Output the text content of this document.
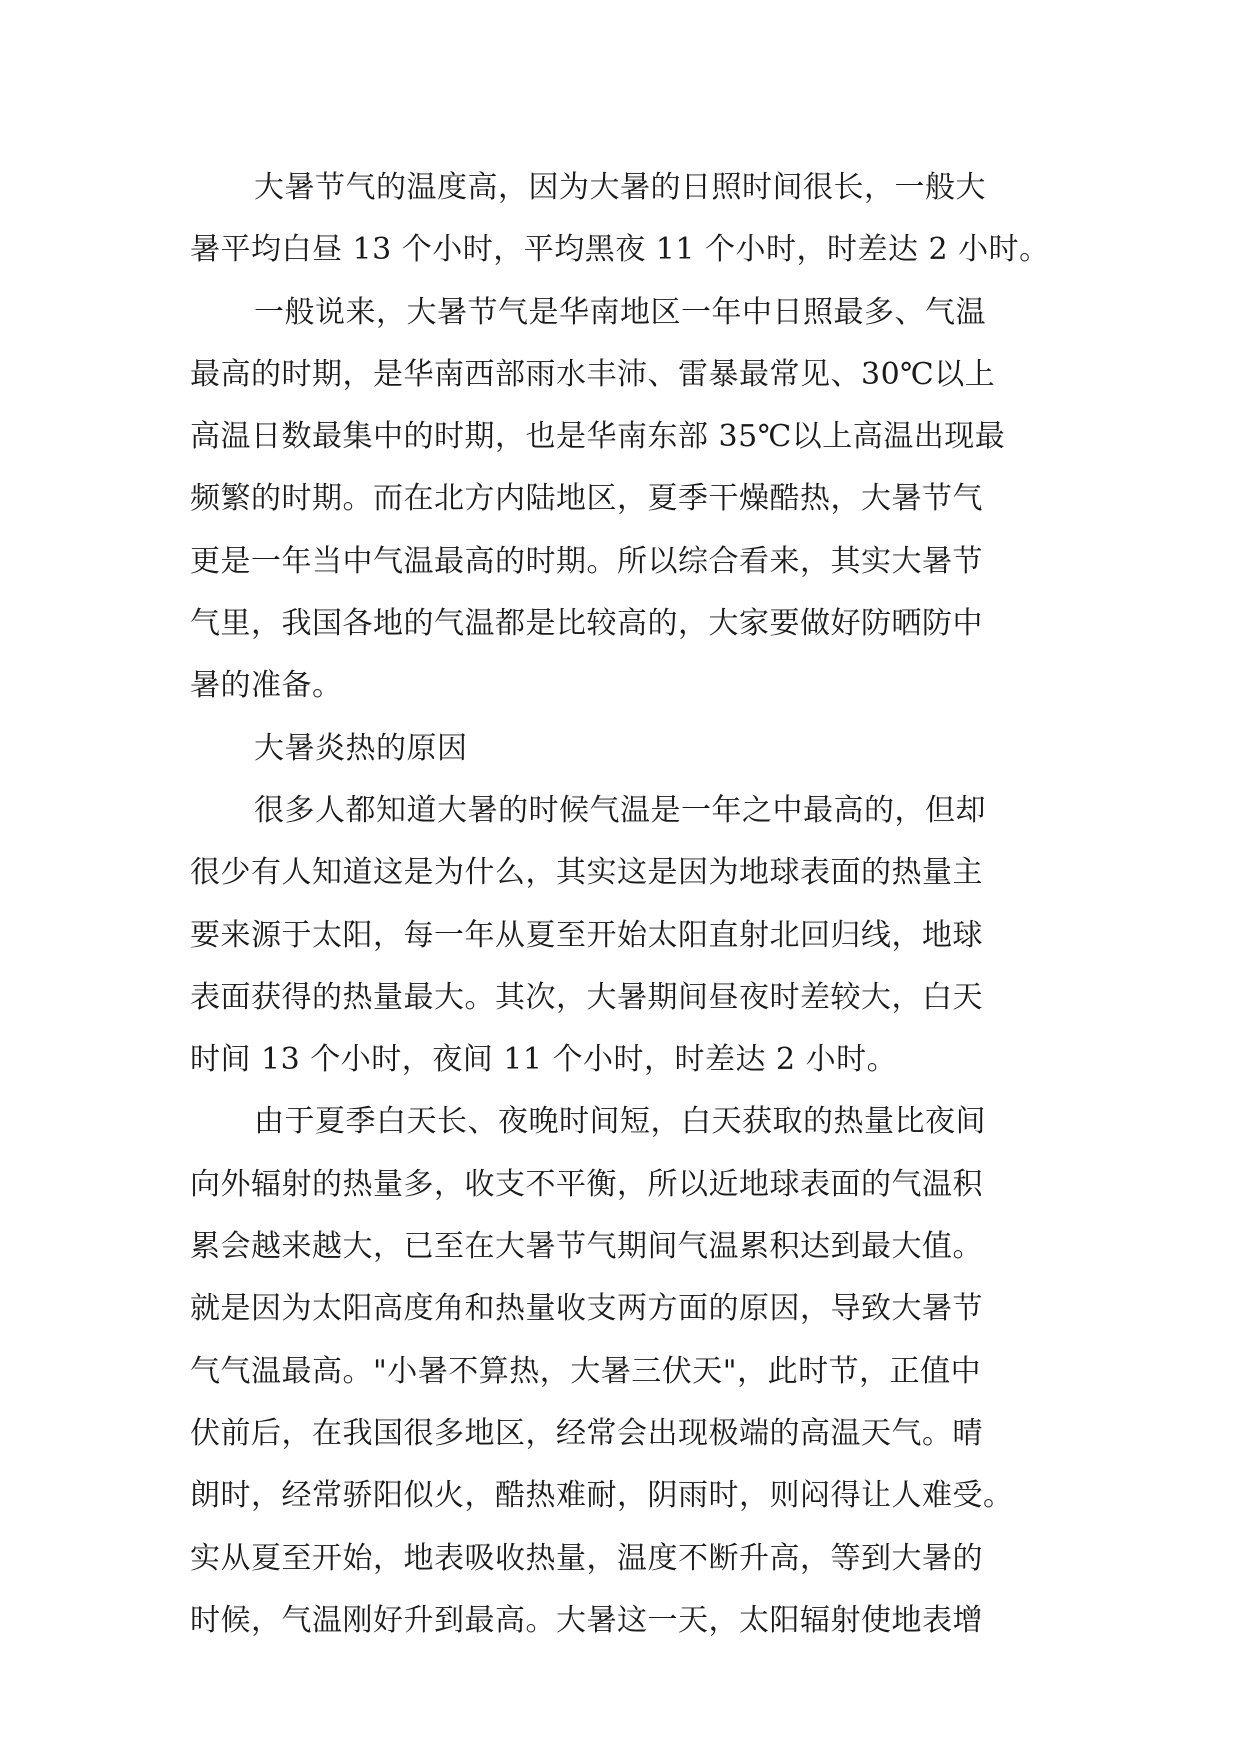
大暑节气的温度高，因为大暑的日照时间很长，一般大
暑平均白昼 13 个小时，平均黑夜 11 个小时，时差达 2 小时。
一般说来，大暑节气是华南地区一年中日照最多、气温
最高的时期，是华南西部雨水丰沛、雷暴最常见、30℃以上
高温日数最集中的时期，也是华南东部 35℃以上高温出现最
频繁的时期。而在北方内陆地区，夏季干燥酷热，大暑节气
更是一年当中气温最高的时期。所以综合看来，其实大暑节
气里，我国各地的气温都是比较高的，大家要做好防晒防中
暑的准备。
大暑炎热的原因
很多人都知道大暑的时候气温是一年之中最高的，但却
很少有人知道这是为什么，其实这是因为地球表面的热量主
要来源于太阳，每一年从夏至开始太阳直射北回归线，地球
表面获得的热量最大。其次，大暑期间昼夜时差较大，白天
时间 13 个小时，夜间 11 个小时，时差达 2 小时。
由于夏季白天长、夜晚时间短，白天获取的热量比夜间
向外辐射的热量多，收支不平衡，所以近地球表面的气温积
累会越来越大，已至在大暑节气期间气温累积达到最大值。
就是因为太阳高度角和热量收支两方面的原因，导致大暑节
气气温最高。"小暑不算热，大暑三伏天"，此时节，正值中
伏前后，在我国很多地区，经常会出现极端的高温天气。晴
朗时，经常骄阳似火，酷热难耐，阴雨时，则闷得让人难受。
实从夏至开始，地表吸收热量，温度不断升高，等到大暑的
时候，气温刚好升到最高。大暑这一天，太阳辐射使地表增
